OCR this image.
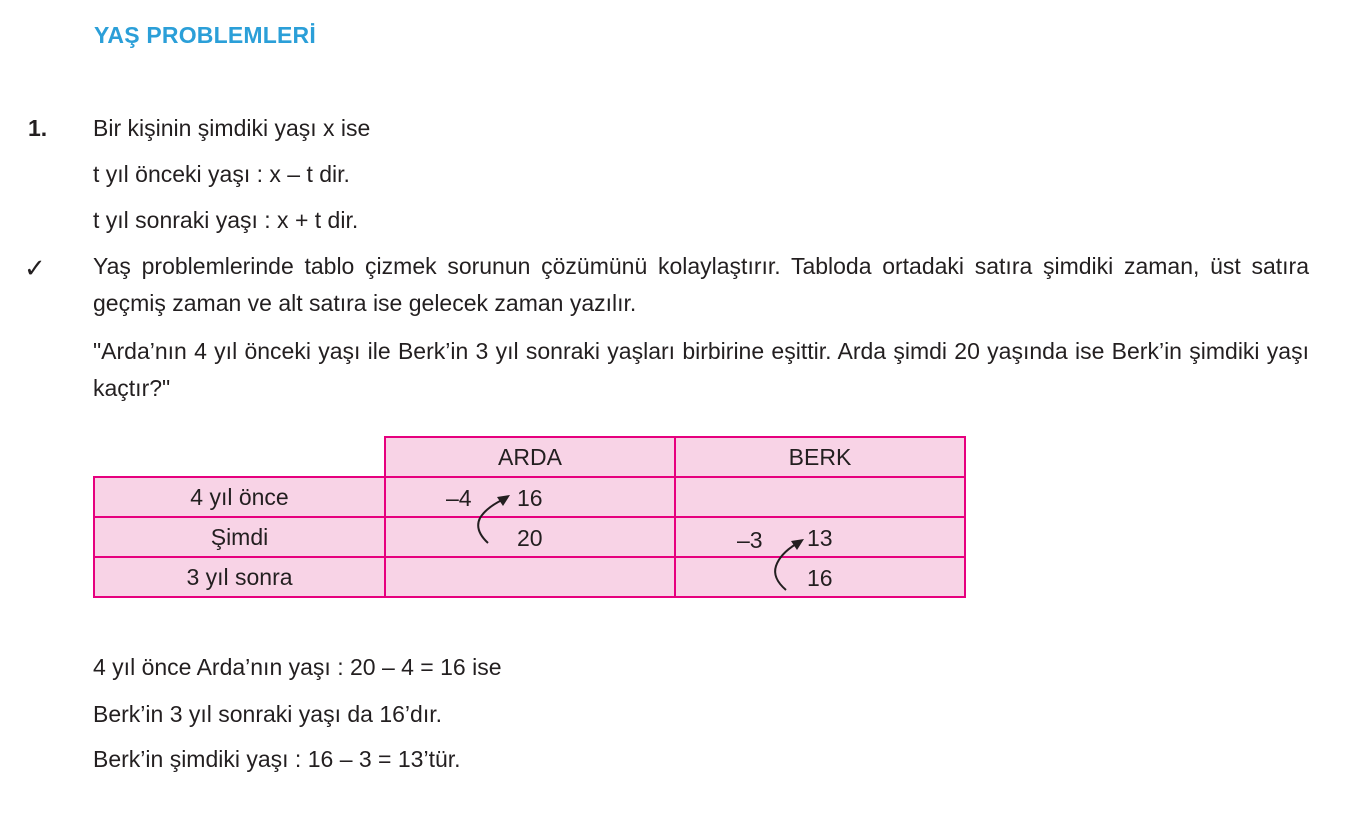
YAŞ PROBLEMLERİ
1. Bir kişinin şimdiki yaşı x ise
t yıl önceki yaşı : x – t dir.
t yıl sonraki yaşı : x + t dir.
✓ Yaş problemlerinde tablo çizmek sorunun çözümünü kolaylaştırır. Tabloda ortadaki satıra şimdiki zaman, üst satıra geçmiş zaman ve alt satıra ise gelecek zaman yazılır.
"Arda’nın 4 yıl önceki yaşı ile Berk’in 3 yıl sonraki yaşları birbirine eşittir. Arda şimdi 20 yaşında ise Berk’in şimdiki yaşı kaçtır?"
	ARDA	BERK
4 yıl önce	–4 16	

Şimdi	20	–3 13

3 yıl sonra		16
4 yıl önce Arda’nın yaşı : 20 – 4 = 16 ise
Berk’in 3 yıl sonraki yaşı da 16’dır.
Berk’in şimdiki yaşı : 16 – 3 = 13’tür.
